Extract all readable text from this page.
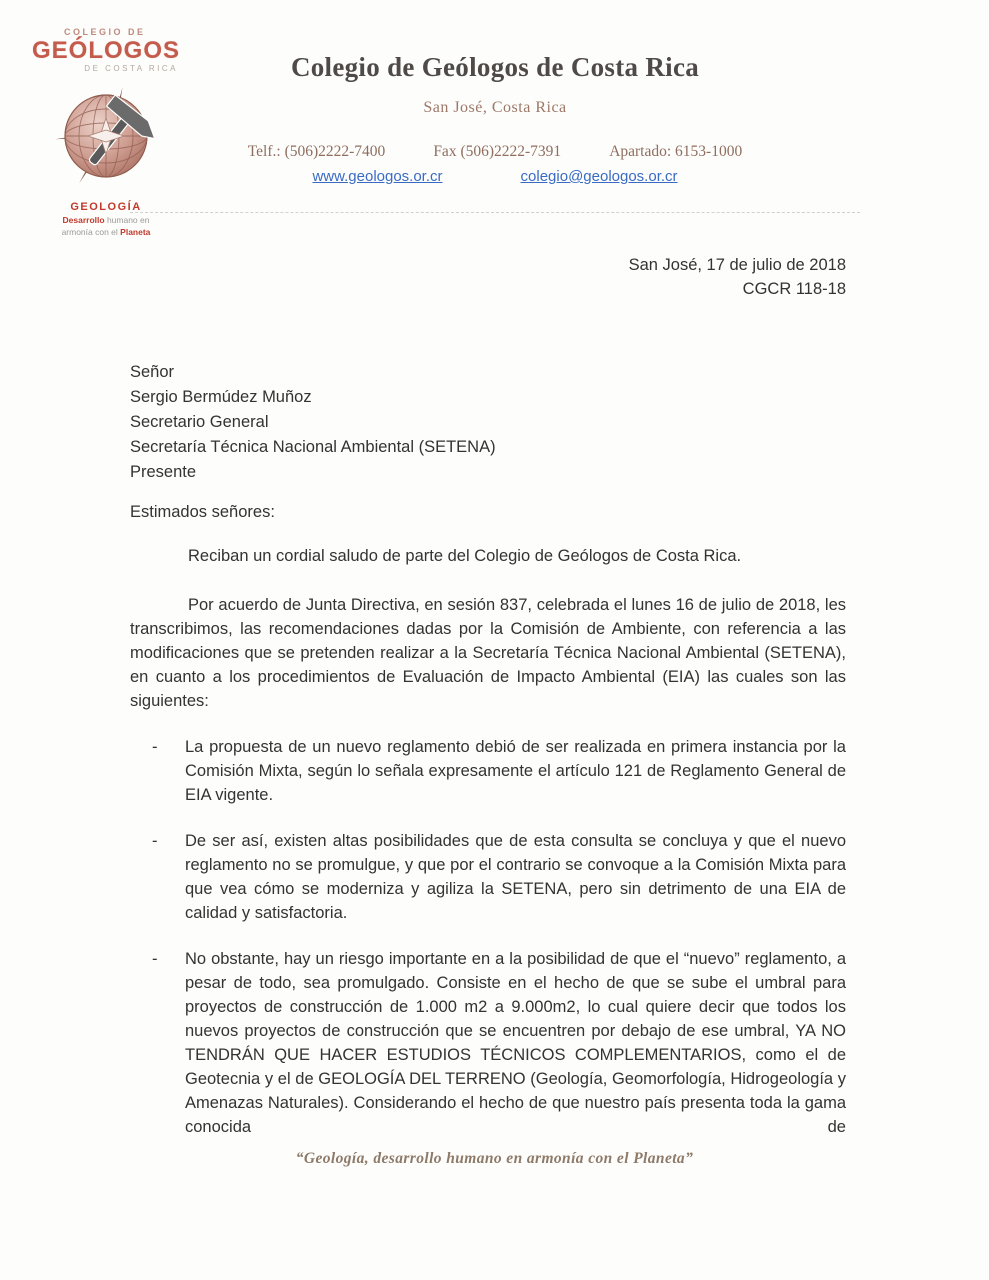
COLEGIO DE
GEÓLOGOS
DE COSTA RICA
GEOLOGÍA
Desarrollo humano en
armonía con el Planeta
Colegio de Geólogos de Costa Rica
San José, Costa Rica
Telf.: (506)2222-7400	Fax (506)2222-7391	Apartado: 6153-1000
www.geologos.or.cr	colegio@geologos.or.cr
San José, 17 de julio de 2018
CGCR 118-18
Señor
Sergio Bermúdez Muñoz
Secretario General
Secretaría Técnica Nacional Ambiental (SETENA)
Presente
Estimados señores:

Reciban un cordial saludo de parte del Colegio de Geólogos de Costa Rica.

Por acuerdo de Junta Directiva, en sesión 837, celebrada el lunes 16 de julio de 2018, les transcribimos, las recomendaciones dadas por la Comisión de Ambiente, con referencia a las modificaciones que se pretenden realizar a la Secretaría Técnica Nacional Ambiental (SETENA), en cuanto a los procedimientos de Evaluación de Impacto Ambiental (EIA) las cuales son las siguientes:

-	La propuesta de un nuevo reglamento debió de ser realizada en primera instancia por la Comisión Mixta, según lo señala expresamente el artículo 121 de Reglamento General de EIA vigente.

-	De ser así, existen altas posibilidades que de esta consulta se concluya y que el nuevo reglamento no se promulgue, y que por el contrario se convoque a la Comisión Mixta para que vea cómo se moderniza y agiliza la SETENA, pero sin detrimento de una EIA de calidad y satisfactoria.

-	No obstante, hay un riesgo importante en a la posibilidad de que el “nuevo” reglamento, a pesar de todo, sea promulgado. Consiste en el hecho de que se sube el umbral para proyectos de construcción de 1.000 m2 a 9.000m2, lo cual quiere decir que todos los nuevos proyectos de construcción que se encuentren por debajo de ese umbral, YA NO TENDRÁN QUE HACER ESTUDIOS TÉCNICOS COMPLEMENTARIOS, como el de Geotecnia y el de GEOLOGÍA DEL TERRENO (Geología, Geomorfología, Hidrogeología y Amenazas Naturales). Considerando el hecho de que nuestro país presenta toda la gama conocida de

“Geología, desarrollo humano en armonía con el Planeta”
